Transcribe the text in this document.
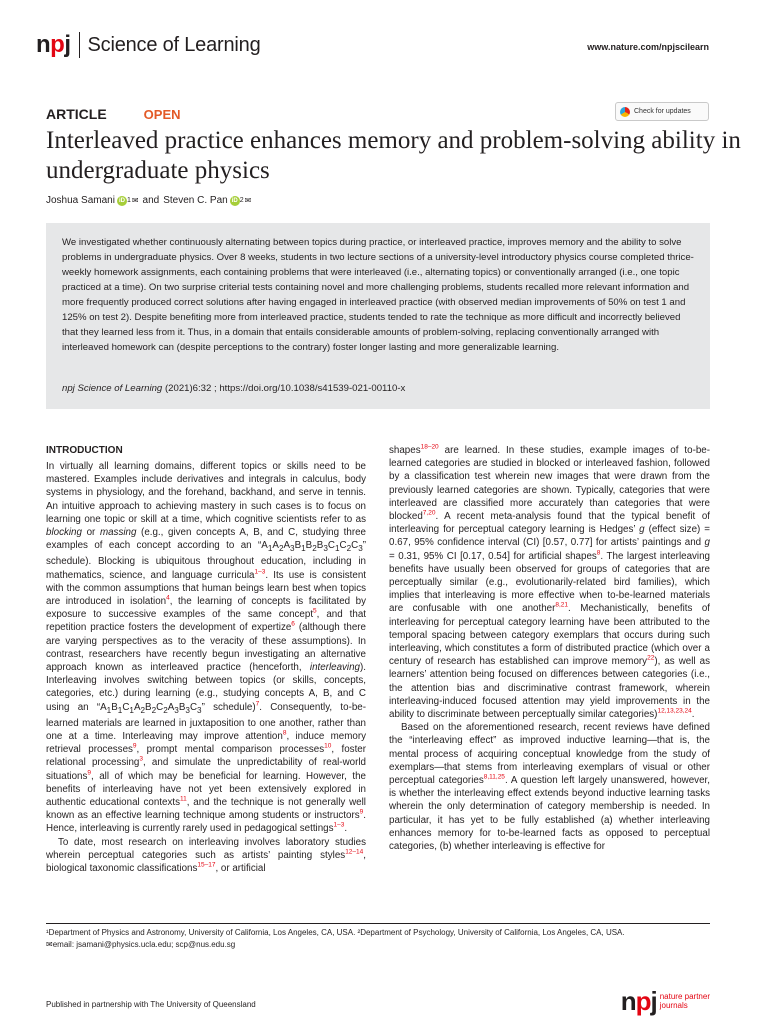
npj Science of Learning	www.nature.com/npjscilearn
ARTICLE	OPEN	Check for updates
Interleaved practice enhances memory and problem-solving ability in undergraduate physics
Joshua Samani iD 1 ✉ and Steven C. Pan iD 2 ✉

We investigated whether continuously alternating between topics during practice, or interleaved practice, improves memory and the ability to solve problems in undergraduate physics. Over 8 weeks, students in two lecture sections of a university-level introductory physics course completed thrice-weekly homework assignments, each containing problems that were interleaved (i.e., alternating topics) or conventionally arranged (i.e., one topic practiced at a time). On two surprise criterial tests containing novel and more challenging problems, students recalled more relevant information and more frequently produced correct solutions after having engaged in interleaved practice (with observed median improvements of 50% on test 1 and 125% on test 2). Despite benefiting more from interleaved practice, students tended to rate the technique as more difficult and incorrectly believed that they learned less from it. Thus, in a domain that entails considerable amounts of problem-solving, replacing conventionally arranged with interleaved homework can (despite perceptions to the contrary) foster longer lasting and more generalizable learning.

npj Science of Learning (2021)6:32 ; https://doi.org/10.1038/s41539-021-00110-x
INTRODUCTION

In virtually all learning domains, different topics or skills need to be mastered. Examples include derivatives and integrals in calculus, body systems in physiology, and the forehand, backhand, and serve in tennis. An intuitive approach to achieving mastery in such cases is to focus on learning one topic or skill at a time, which cognitive scientists refer to as blocking or massing (e.g., given concepts A, B, and C, studying three examples of each concept according to an “$A_1A_2A_3B_1B_2B_3C_1C_2C_3$” schedule). Blocking is ubiquitous throughout education, including in mathematics, science, and language curricula$^{1-3}$. Its use is consistent with the common assumptions that human beings learn best when topics are introduced in isolation$^4$, the learning of concepts is facilitated by exposure to successive examples of the same concept$^5$, and that repetition practice fosters the development of expertize$^6$ (although there are varying perspectives as to the veracity of these assumptions). In contrast, researchers have recently begun investigating an alternative approach known as interleaved practice (henceforth, interleaving). Interleaving involves switching between topics (or skills, concepts, categories, etc.) during learning (e.g., studying concepts A, B, and C using an “$A_1B_1C_1A_2B_2C_2A_3B_3C_3$” schedule)$^7$. Consequently, to-be-learned materials are learned in juxtaposition to one another, rather than one at a time. Interleaving may improve attention$^8$, induce memory retrieval processes$^9$, prompt mental comparison processes$^{10}$, foster relational processing$^3$, and simulate the unpredictability of real-world situations$^9$, all of which may be beneficial for learning. However, the benefits of interleaving have not yet been extensively explored in authentic educational contexts$^{11}$, and the technique is not generally well known as an effective learning technique among students or instructors$^9$. Hence, interleaving is currently rarely used in pedagogical settings$^{1-3}$.

To date, most research on interleaving involves laboratory studies wherein perceptual categories such as artists’ painting styles$^{12-14}$, biological taxonomic classifications$^{15-17}$, or artificial

shapes$^{18-20}$ are learned. In these studies, example images of to-be-learned categories are studied in blocked or interleaved fashion, followed by a classification test wherein new images that were drawn from the previously learned categories are shown. Typically, categories that were interleaved are classified more accurately than categories that were blocked$^{7,20}$. A recent meta-analysis found that the typical benefit of interleaving for perceptual category learning is Hedges’ g (effect size) = 0.67, 95% confidence interval (CI) [0.57, 0.77] for artists’ paintings and g = 0.31, 95% CI [0.17, 0.54] for artificial shapes$^8$. The largest interleaving benefits have usually been observed for groups of categories that are perceptually similar (e.g., evolutionarily-related bird families), which implies that interleaving is more effective when to-be-learned materials are confusable with one another$^{8,21}$. Mechanistically, benefits of interleaving for perceptual category learning have been attributed to the temporal spacing between category exemplars that occurs during such interleaving, which constitutes a form of distributed practice (which over a century of research has established can improve memory$^{22}$), as well as learners’ attention being focused on differences between categories (i.e., the attention bias and discriminative contrast framework, wherein interleaving-induced focused attention may yield improvements in the ability to discriminate between perceptually similar categories)$^{12,13,23,24}$.

Based on the aforementioned research, recent reviews have defined the “interleaving effect” as improved inductive learning—that is, the mental process of acquiring conceptual knowledge from the study of exemplars—that stems from interleaving exemplars of visual or other perceptual categories$^{8,11,25}$. A question left largely unanswered, however, is whether the interleaving effect extends beyond inductive learning tasks wherein the only determination of category membership is needed. In particular, it has yet to be fully established (a) whether interleaving enhances memory for to-be-learned facts as opposed to perceptual categories, (b) whether interleaving is effective for

¹Department of Physics and Astronomy, University of California, Los Angeles, CA, USA. ²Department of Psychology, University of California, Los Angeles, CA, USA.

✉email: jsamani@physics.ucla.edu; scp@nus.edu.sg

Published in partnership with The University of Queensland	npj nature partner
journals
